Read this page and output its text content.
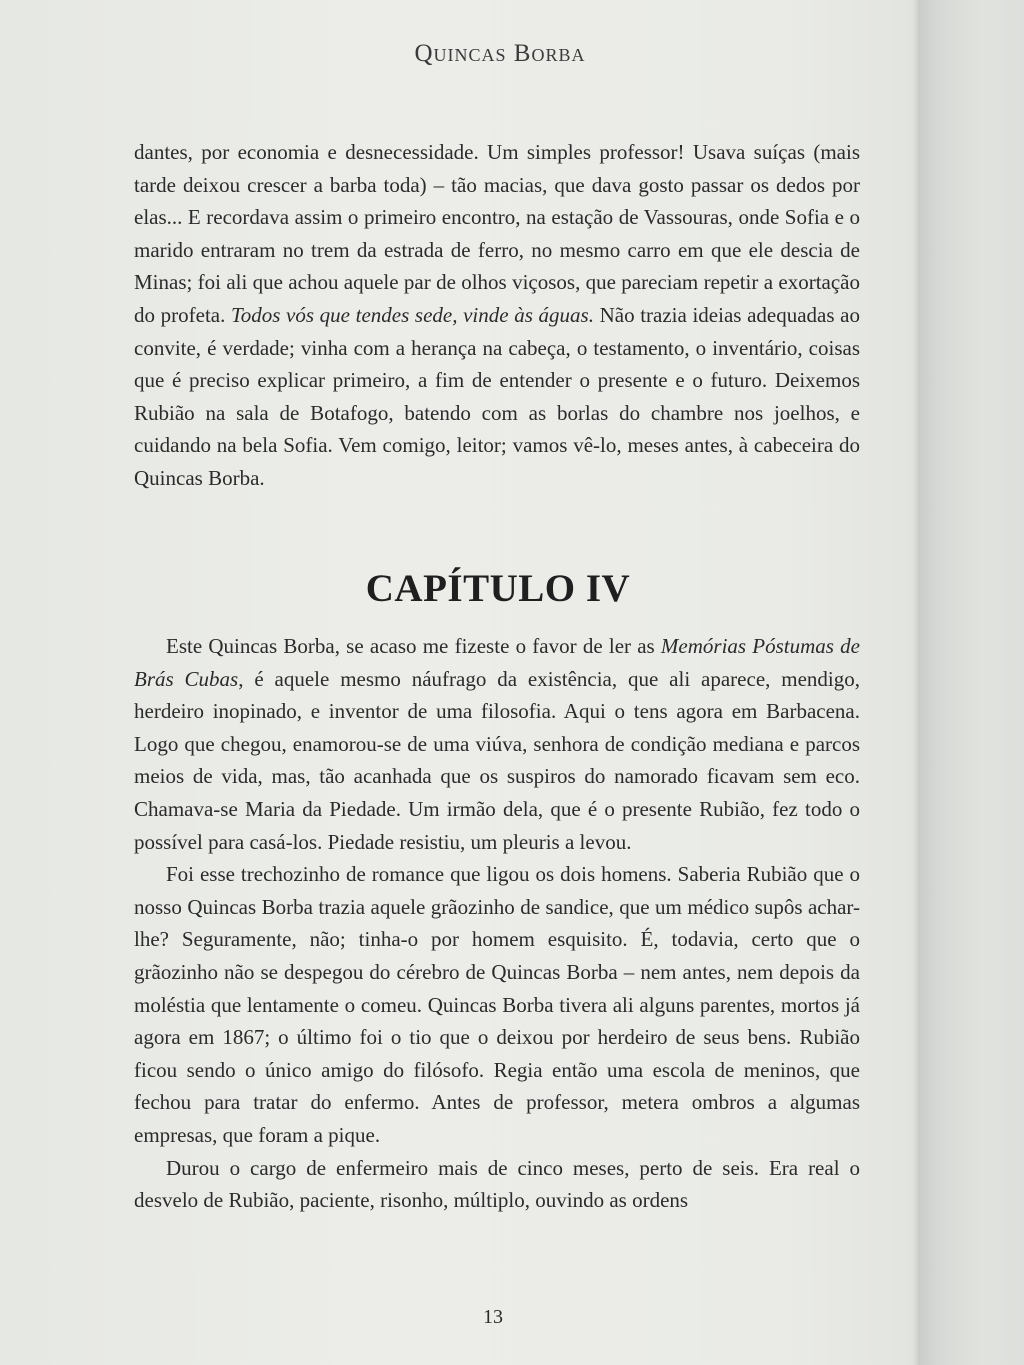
Quincas Borba

dantes, por economia e desnecessidade. Um simples professor! Usava suíças (mais tarde deixou crescer a barba toda) – tão macias, que dava gosto passar os dedos por elas... E recordava assim o primeiro encontro, na estação de Vassouras, onde Sofia e o marido entraram no trem da estrada de ferro, no mesmo carro em que ele descia de Minas; foi ali que achou aquele par de olhos viçosos, que pareciam repetir a exortação do profeta. Todos vós que tendes sede, vinde às águas. Não trazia ideias adequadas ao convite, é verdade; vinha com a herança na cabeça, o testamento, o inventário, coisas que é preciso explicar primeiro, a fim de entender o presente e o futuro. Deixemos Rubião na sala de Botafogo, batendo com as borlas do chambre nos joelhos, e cuidando na bela Sofia. Vem comigo, leitor; vamos vê-lo, meses antes, à cabeceira do Quincas Borba.

CAPÍTULO IV

Este Quincas Borba, se acaso me fizeste o favor de ler as Memórias Póstumas de Brás Cubas, é aquele mesmo náufrago da existência, que ali aparece, mendigo, herdeiro inopinado, e inventor de uma filosofia. Aqui o tens agora em Barbacena. Logo que chegou, enamorou-se de uma viúva, senhora de condição mediana e parcos meios de vida, mas, tão acanhada que os suspiros do namorado ficavam sem eco. Chamava-se Maria da Piedade. Um irmão dela, que é o presente Rubião, fez todo o possível para casá-los. Piedade resistiu, um pleuris a levou.

Foi esse trechozinho de romance que ligou os dois homens. Saberia Rubião que o nosso Quincas Borba trazia aquele grãozinho de sandice, que um médico supôs achar-lhe? Seguramente, não; tinha-o por homem esquisito. É, todavia, certo que o grãozinho não se despegou do cérebro de Quincas Borba – nem antes, nem depois da moléstia que lentamente o comeu. Quincas Borba tivera ali alguns parentes, mortos já agora em 1867; o último foi o tio que o deixou por herdeiro de seus bens. Rubião ficou sendo o único amigo do filósofo. Regia então uma escola de meninos, que fechou para tratar do enfermo. Antes de professor, metera ombros a algumas empresas, que foram a pique.

Durou o cargo de enfermeiro mais de cinco meses, perto de seis. Era real o desvelo de Rubião, paciente, risonho, múltiplo, ouvindo as ordens

13
